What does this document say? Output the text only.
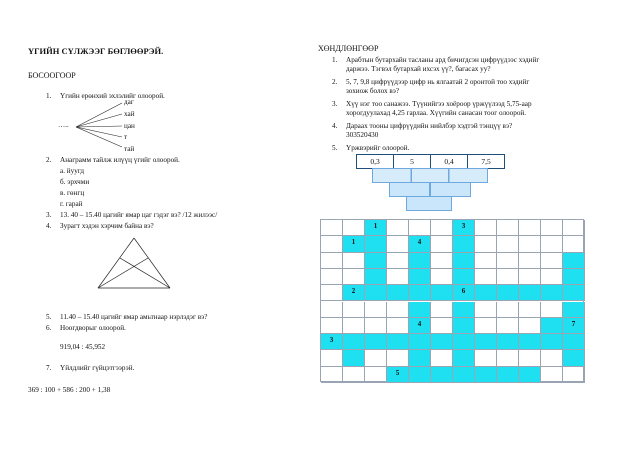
ҮГИЙН СҮЛЖЭЭГ БӨГЛӨӨРЭЙ.
БОСООГООР
1. Үгийн ерөнхий эхлэлийг олоорой.
…..
даг
хай
цан
т
тай
2. Анаграмм тайлж илүүц үгийг олоорой.
а. йуугд
б. эрхчми
в. гөнгц
г. гарай
3. 13. 40 – 15.40 цагийг ямар цаг гэдэг вэ? /12 жилээс/
4. Зурагт хэдэн хэрчим байна вэ?
5. 11.40 – 15.40 цагийг ямар амьтнаар нэрлэдэг вэ?
6. Ноогдворыг олоорой.
919,04 : 45,952
7. Үйлдлийг гүйцэтгээрэй.
369 : 100 + 586 : 200 + 1,38
ХӨНДЛӨНГӨӨР
1. Арабтын бутархайн тасланы ард бичигдсэн цифрүүдээс хэдийг
даржээ. Тэгвэл бутархай ихсэх үү?, багасах уу?
2. 5, 7, 9,8 цифрүүдээр цифр нь ялгаатай 2 оронтой тоо хэдийг
зохиож болох вэ?
3. Хүү нэг тоо санажээ. Түүнийгээ хоёроор үржүүлээд 5,75-аар
хорогдуулахад 4,25 гарлаа. Хүүгийн санасан тоог олоорой.
4. Дараах тооны цифрүүдийн нийлбэр хэдтэй тэнцүү вэ?
303520430
5. Үржвэрийг олоорой.
0,3	5	0,4	7,5
1	3
1	4
2	6
4	7
3
5
